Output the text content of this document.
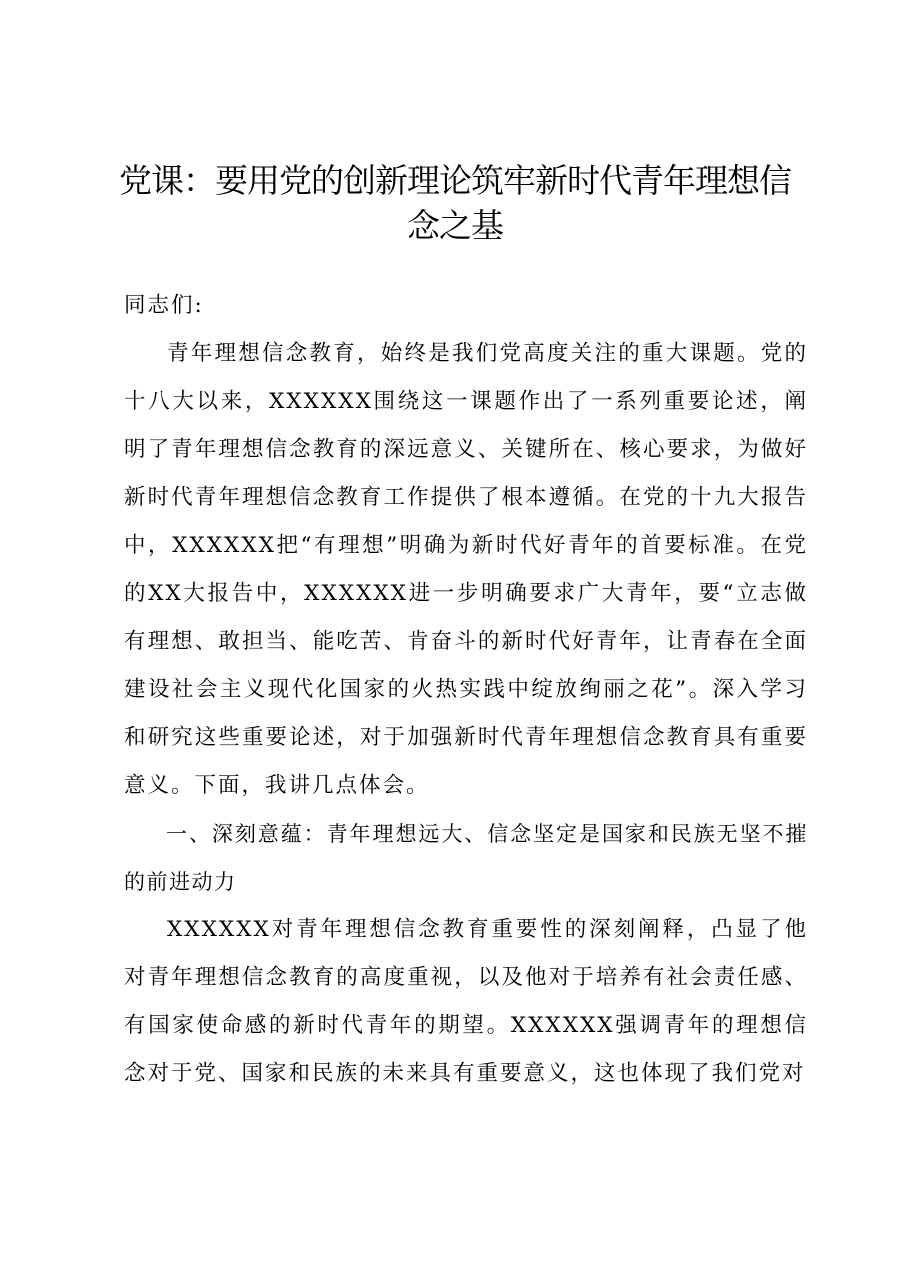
党课：要用党的创新理论筑牢新时代青年理想信念之基

同志们:

青年理想信念教育，始终是我们党高度关注的重大课题。党的十八大以来，XXXXXX围绕这一课题作出了一系列重要论述，阐明了青年理想信念教育的深远意义、关键所在、核心要求，为做好新时代青年理想信念教育工作提供了根本遵循。在党的十九大报告中，XXXXXX把“有理想”明确为新时代好青年的首要标准。在党的XX大报告中，XXXXXX进一步明确要求广大青年，要“立志做有理想、敢担当、能吃苦、肯奋斗的新时代好青年，让青春在全面建设社会主义现代化国家的火热实践中绽放绚丽之花”。深入学习和研究这些重要论述，对于加强新时代青年理想信念教育具有重要意义。下面，我讲几点体会。

一、深刻意蕴：青年理想远大、信念坚定是国家和民族无坚不摧的前进动力

XXXXXX对青年理想信念教育重要性的深刻阐释，凸显了他对青年理想信念教育的高度重视，以及他对于培养有社会责任感、有国家使命感的新时代青年的期望。XXXXXX强调青年的理想信念对于党、国家和民族的未来具有重要意义，这也体现了我们党对
